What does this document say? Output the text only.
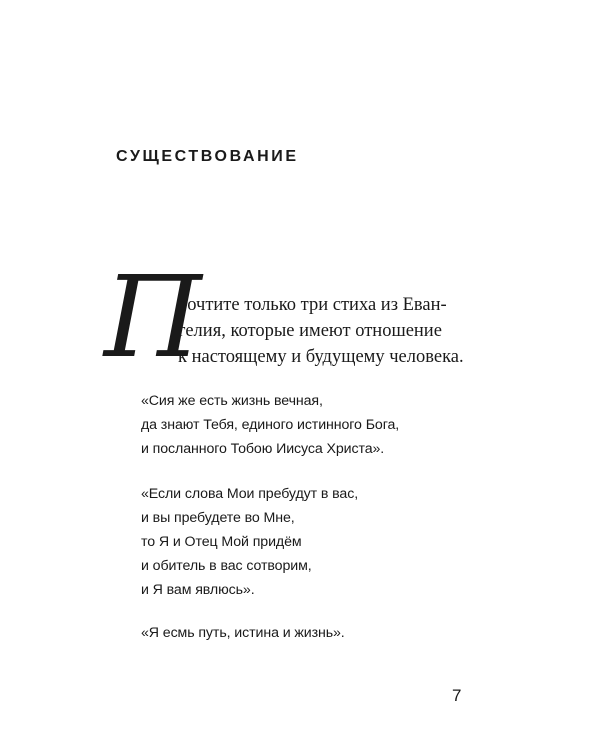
СУЩЕСТВОВАНИЕ
П
рочтите только три стиха из Еван-
гелия, которые имеют отношение
к настоящему и будущему человека.
«Сия же есть жизнь вечная,
да знают Тебя, единого истинного Бога,
и посланного Тобою Иисуса Христа».
«Если слова Мои пребудут в вас,
и вы пребудете во Мне,
то Я и Отец Мой придём
и обитель в вас сотворим,
и Я вам явлюсь».
«Я есмь путь, истина и жизнь».
7
